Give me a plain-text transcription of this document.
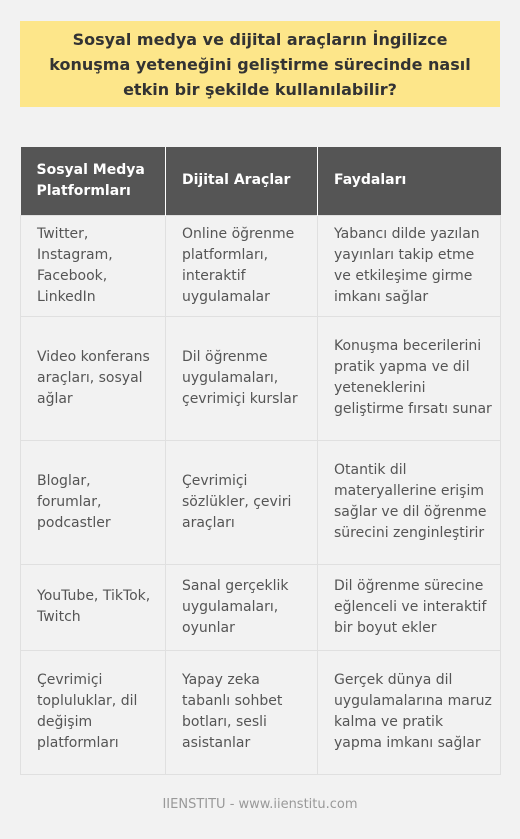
Sosyal medya ve dijital araçların İngilizce konuşma yeteneğini geliştirme sürecinde nasıl etkin bir şekilde kullanılabilir?
Sosyal Medya Platformları	Dijital Araçlar	Faydaları
Twitter, Instagram, Facebook, LinkedIn	Online öğrenme platformları, interaktif uygulamalar	Yabancı dilde yazılan yayınları takip etme ve etkileşime girme imkanı sağlar
Video konferans araçları, sosyal ağlar	Dil öğrenme uygulamaları, çevrimiçi kurslar	Konuşma becerilerini pratik yapma ve dil yeteneklerini geliştirme fırsatı sunar
Bloglar, forumlar, podcastler	Çevrimiçi sözlükler, çeviri araçları	Otantik dil materyallerine erişim sağlar ve dil öğrenme sürecini zenginleştirir
YouTube, TikTok, Twitch	Sanal gerçeklik uygulamaları, oyunlar	Dil öğrenme sürecine eğlenceli ve interaktif bir boyut ekler
Çevrimiçi topluluklar, dil değişim platformları	Yapay zeka tabanlı sohbet botları, sesli asistanlar	Gerçek dünya dil uygulamalarına maruz kalma ve pratik yapma imkanı sağlar
IIENSTITU - www.iienstitu.com
